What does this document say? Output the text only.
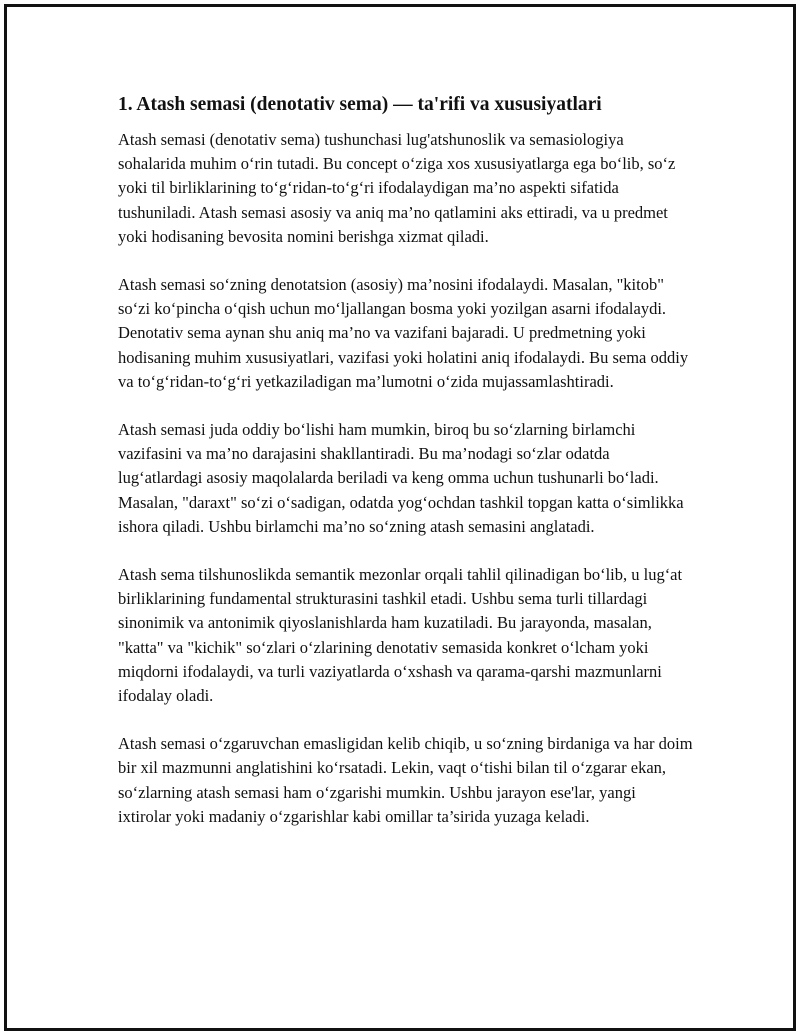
1. Atash semasi (denotativ sema) — ta'rifi va xususiyatlari

Atash semasi (denotativ sema) tushunchasi lug'atshunoslik va semasiologiya sohalarida muhim o‘rin tutadi. Bu concept o‘ziga xos xususiyatlarga ega bo‘lib, so‘z yoki til birliklarining to‘g‘ridan-to‘g‘ri ifodalaydigan ma’no aspekti sifatida tushuniladi. Atash semasi asosiy va aniq ma’no qatlamini aks ettiradi, va u predmet yoki hodisaning bevosita nomini berishga xizmat qiladi.

Atash semasi so‘zning denotatsion (asosiy) ma’nosini ifodalaydi. Masalan, "kitob" so‘zi ko‘pincha o‘qish uchun mo‘ljallangan bosma yoki yozilgan asarni ifodalaydi. Denotativ sema aynan shu aniq ma’no va vazifani bajaradi. U predmetning yoki hodisaning muhim xususiyatlari, vazifasi yoki holatini aniq ifodalaydi. Bu sema oddiy va to‘g‘ridan-to‘g‘ri yetkaziladigan ma’lumotni o‘zida mujassamlashtiradi.

Atash semasi juda oddiy bo‘lishi ham mumkin, biroq bu so‘zlarning birlamchi vazifasini va ma’no darajasini shakllantiradi. Bu ma’nodagi so‘zlar odatda lug‘atlardagi asosiy maqolalarda beriladi va keng omma uchun tushunarli bo‘ladi. Masalan, "daraxt" so‘zi o‘sadigan, odatda yog‘ochdan tashkil topgan katta o‘simlikka ishora qiladi. Ushbu birlamchi ma’no so‘zning atash semasini anglatadi.

Atash sema tilshunoslikda semantik mezonlar orqali tahlil qilinadigan bo‘lib, u lug‘at birliklarining fundamental strukturasini tashkil etadi. Ushbu sema turli tillardagi sinonimik va antonimik qiyoslanishlarda ham kuzatiladi. Bu jarayonda, masalan, "katta" va "kichik" so‘zlari o‘zlarining denotativ semasida konkret o‘lcham yoki miqdorni ifodalaydi, va turli vaziyatlarda o‘xshash va qarama-qarshi mazmunlarni ifodalay oladi.

Atash semasi o‘zgaruvchan emasligidan kelib chiqib, u so‘zning birdaniga va har doim bir xil mazmunni anglatishini ko‘rsatadi. Lekin, vaqt o‘tishi bilan til o‘zgarar ekan, so‘zlarning atash semasi ham o‘zgarishi mumkin. Ushbu jarayon ese'lar, yangi ixtirolar yoki madaniy o‘zgarishlar kabi omillar ta’sirida yuzaga keladi.
